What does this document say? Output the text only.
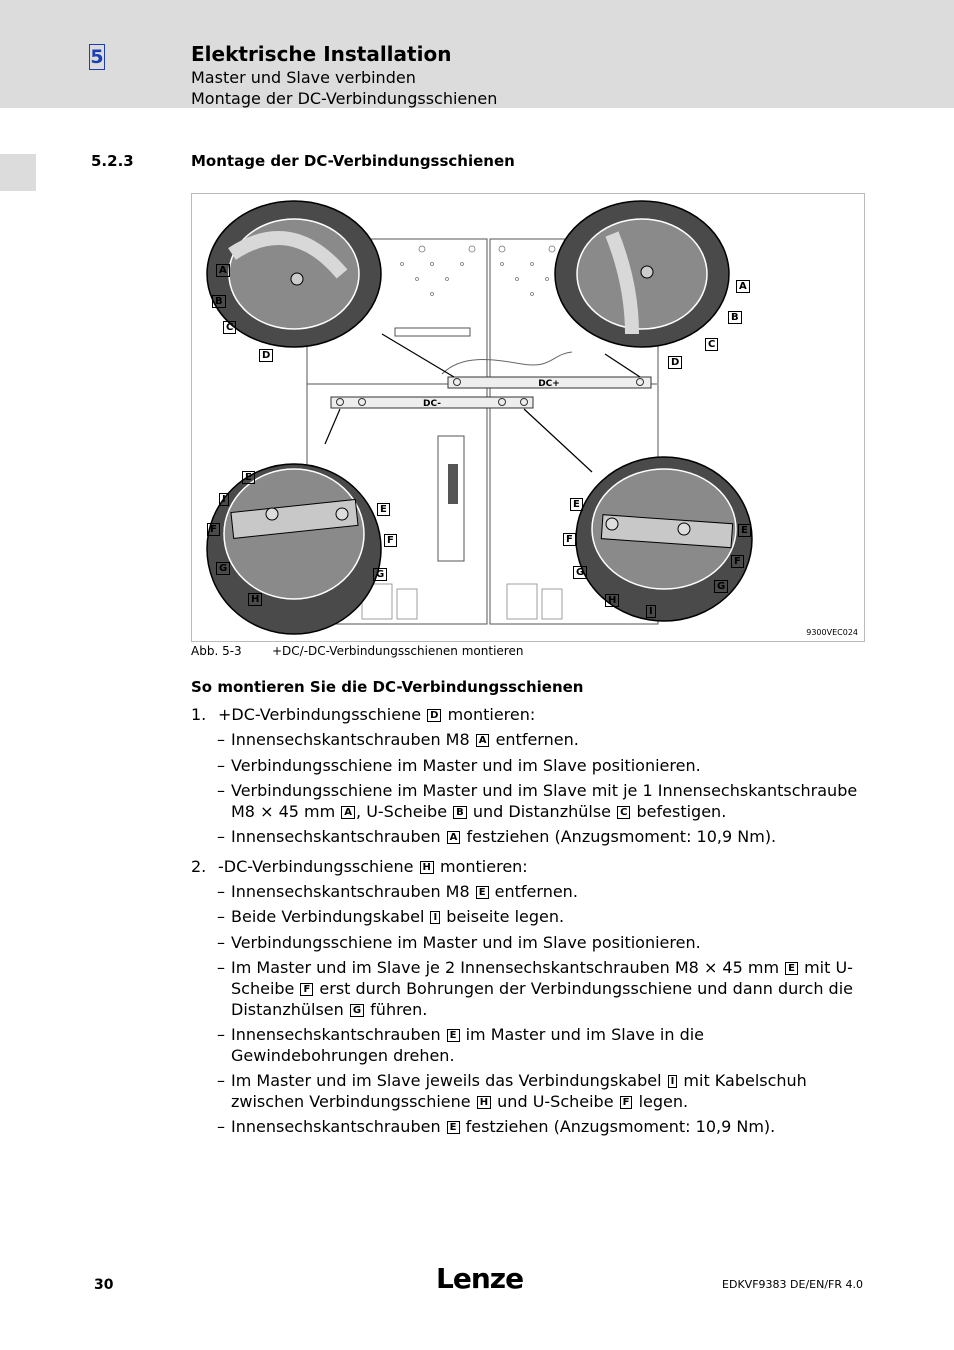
5	Elektrische Installation
Master und Slave verbinden
Montage der DC-Verbindungsschienen
5.2.3	Montage der DC-Verbindungsschienen
DC+
DC-
A
B
C
D
A
B
C
D
E
I
E
F
F
G
G
H
E
E
F
F
G
G
H
I
9300VEC024
Abb. 5-3	+DC/-DC-Verbindungsschienen montieren
So montieren Sie die DC-Verbindungsschienen
1. +DC-Verbindungsschiene D montieren:
– Innensechskantschrauben M8 A entfernen.
– Verbindungsschiene im Master und im Slave positionieren.
– Verbindungsschiene im Master und im Slave mit je 1 Innensechskantschraube M8 × 45 mm A , U-Scheibe B und Distanzhülse C befestigen.
– Innensechskantschrauben A festziehen (Anzugsmoment: 10,9 Nm).
2. -DC-Verbindungsschiene H montieren:
– Innensechskantschrauben M8 E entfernen.
– Beide Verbindungskabel I beiseite legen.
– Verbindungsschiene im Master und im Slave positionieren.
– Im Master und im Slave je 2 Innensechskantschrauben M8 × 45 mm E mit U-Scheibe F erst durch Bohrungen der Verbindungsschiene und dann durch die Distanzhülsen G führen.
– Innensechskantschrauben E im Master und im Slave in die Gewindebohrungen drehen.
– Im Master und im Slave jeweils das Verbindungskabel I mit Kabelschuh zwischen Verbindungsschiene H und U-Scheibe F legen.
– Innensechskantschrauben E festziehen (Anzugsmoment: 10,9 Nm).
30	Lenze	EDKVF9383 DE/EN/FR 4.0
